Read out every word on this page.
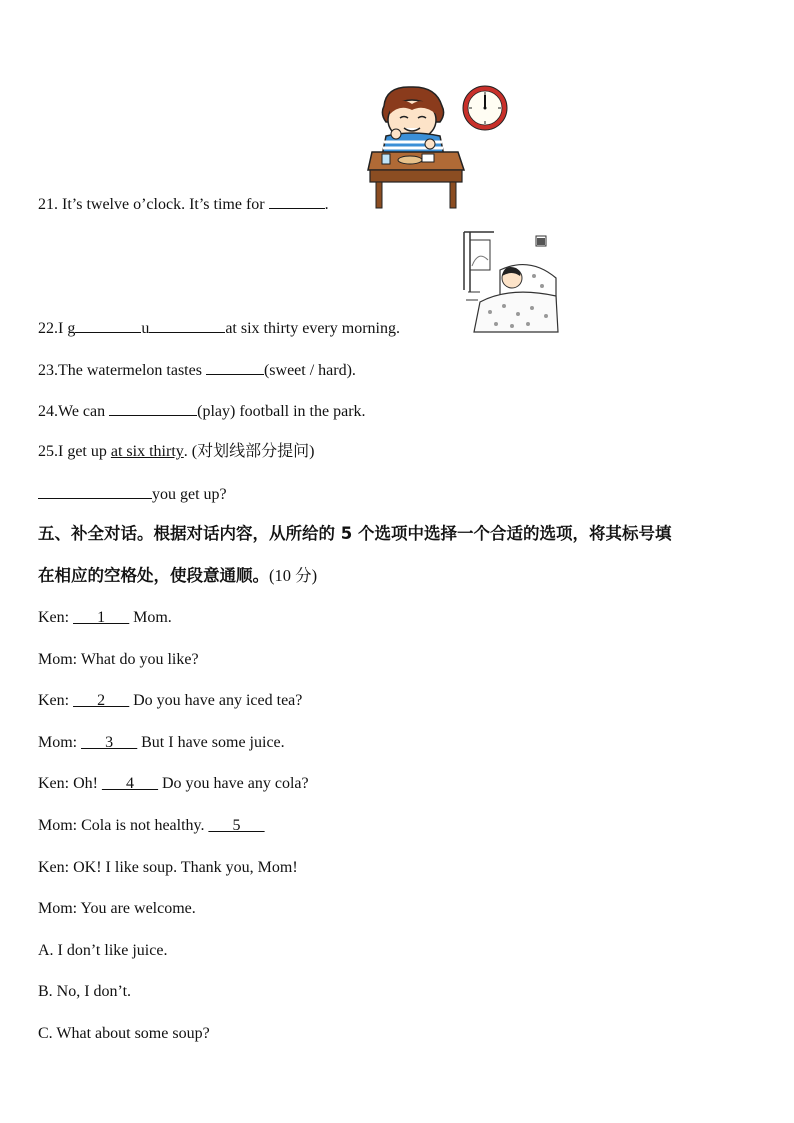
21. It’s twelve o’clock. It’s time for	.
22.I g	u	at six thirty every morning.
23.The watermelon tastes	(sweet / hard).
24.We can	(play) football in the park.
25.I get up at six thirty. (对划线部分提问)
you get up?
五、补全对话。根据对话内容，从所给的 5 个选项中选择一个合适的选项，将其标号填
在相应的空格处，使段意通顺。(10 分)
Ken: ___1___ Mom.
Mom: What do you like?
Ken: ___2___ Do you have any iced tea?
Mom: ___3___ But I have some juice.
Ken: Oh! ___4___ Do you have any cola?
Mom: Cola is not healthy. ___5___
Ken: OK! I like soup. Thank you, Mom!
Mom: You are welcome.
A. I don’t like juice.
B. No, I don’t.
C. What about some soup?
